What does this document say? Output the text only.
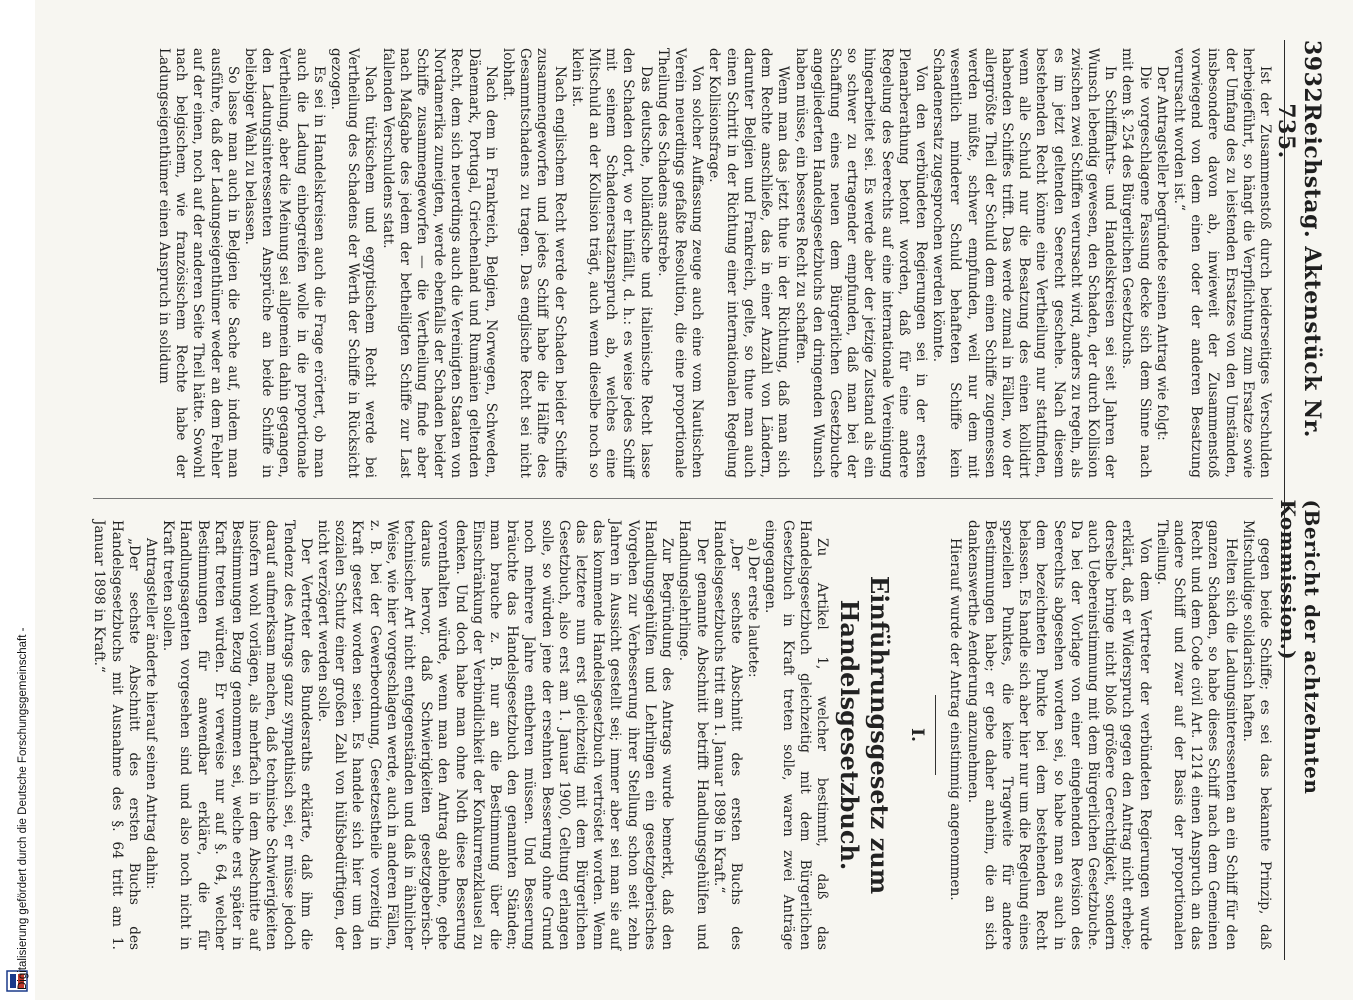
Digitalisierung gefördert durch die Deutsche Forschungsgemeinschaft -
3932
Reichstag. Aktenstück Nr. 735.
(Bericht der achtzehnten Kommission.)

Ist der Zusammenstoß durch beiderseitiges Verschulden herbeigeführt, so hängt die Verpflichtung zum Ersatze sowie der Umfang des zu leistenden Ersatzes von den Umständen, insbesondere davon ab, inwieweit der Zusammenstoß vorwiegend von dem einen oder der anderen Besatzung verursacht worden ist.“

Der Antragsteller begründete seinen Antrag wie folgt:

Die vorgeschlagene Fassung decke sich dem Sinne nach mit dem §. 254 des Bürgerlichen Gesetzbuchs.

In Schifffahrts- und Handelskreisen sei seit Jahren der Wunsch lebendig gewesen, den Schaden, der durch Kollision zwischen zwei Schiffen verursacht wird, anders zu regeln, als es im jetzt geltenden Seerecht geschehe. Nach diesem bestehenden Recht könne eine Vertheilung nur stattfinden, wenn alle Schuld nur die Besatzung des einen kollidirt habenden Schiffes trifft. Das werde zumal in Fällen, wo der allergrößte Theil der Schuld dem einen Schiffe zugemessen werden müßte, schwer empfunden, weil nur dem mit wesentlich minderer Schuld behafteten Schiffe kein Schadenersatz zugesprochen werden könnte.

Von den verbündeten Regierungen sei in der ersten Plenarberathung betont worden, daß für eine andere Regelung des Seerechts auf eine internationale Vereinigung hingearbeitet sei. Es werde aber der jetzige Zustand als ein so schwer zu ertragender empfunden, daß man bei der Schaffung eines neuen dem Bürgerlichen Gesetzbuche angegliederten Handelsgesetzbuchs den dringenden Wunsch haben müsse, ein besseres Recht zu schaffen.

Wenn man das jetzt thue in der Richtung, daß man sich dem Rechte anschließe, das in einer Anzahl von Ländern, darunter Belgien und Frankreich, gelte, so thue man auch einen Schritt in der Richtung einer internationalen Regelung der Kollisionsfrage.

Von solcher Auffassung zeuge auch eine vom Nautischen Verein neuerdings gefaßte Resolution, die eine proportionale Theilung des Schadens anstrebe.

Das deutsche, holländische und italienische Recht lasse den Schaden dort, wo er hinfällt, d. h.: es weise jedes Schiff mit seinem Schadenersatzanspruch ab, welches eine Mitschuld an der Kollision trägt, auch wenn dieselbe noch so klein ist.

Nach englischem Recht werde der Schaden beider Schiffe zusammengeworfen und jedes Schiff habe die Hälfte des Gesammtschadens zu tragen. Das englische Recht sei nicht lobhaft.

Nach dem in Frankreich, Belgien, Norwegen, Schweden, Dänemark, Portugal, Griechenland und Rumänien geltenden Recht, dem sich neuerdings auch die Vereinigten Staaten von Nordamerika zuneigten, werde ebenfalls der Schaden beider Schiffe zusammengeworfen — die Vertheilung finde aber nach Maßgabe des jedem der betheiligten Schiffe zur Last fallenden Verschuldens statt.

Nach türkischem und egyptischem Recht werde bei Vertheilung des Schadens der Werth der Schiffe in Rücksicht gezogen.

Es sei in Handelskreisen auch die Frage erörtert, ob man auch die Ladung einbegreifen wolle in die proportionale Vertheilung, aber die Meinung sei allgemein dahin gegangen, den Ladungsinteressenten Ansprüche an beide Schiffe in beliebiger Wahl zu belassen.

So lasse man auch in Belgien die Sache auf, indem man ausführe, daß der Ladungseigenthümer weder an dem Fehler auf der einen, noch auf der anderen Seite Theil hätte. Sowohl nach belgischem, wie französischem Rechte habe der Ladungseigenthümer einen Anspruch in solidum

gegen beide Schiffe; es sei das bekannte Prinzip, daß Mitschuldige solidarisch haften.

Helten sich die Ladungsinteressenten an ein Schiff für den ganzen Schaden, so habe dieses Schiff nach dem Gemeinen Recht und dem Code civil Art. 1214 einen Anspruch an das andere Schiff und zwar auf der Basis der proportionalen Theilung.

Von dem Vertreter der verbündeten Regierungen wurde erklärt, daß er Widerspruch gegen den Antrag nicht erhebe; derselbe bringe nicht bloß größere Gerechtigkeit, sondern auch Uebereinstimmung mit dem Bürgerlichen Gesetzbuche. Da bei der Vorlage von einer eingehenden Revision des Seerechts abgesehen worden sei, so habe man es auch in dem bezeichneten Punkte bei dem bestehenden Recht belassen. Es handle sich aber hier nur um die Regelung eines speziellen Punktes, die keine Tragweite für andere Bestimmungen habe; er gebe daher anheim, die an sich dankenswerthe Aenderung anzunehmen.

Hierauf wurde der Antrag einstimmig angenommen.

I.
Einführungsgesetz zum Handelsgesetzbuch.

Zu Artikel 1, welcher bestimmt, daß das Handelsgesetzbuch gleichzeitig mit dem Bürgerlichen Gesetzbuch in Kraft treten solle, waren zwei Anträge eingegangen.

a) Der erste lautete:

„Der sechste Abschnitt des ersten Buchs des Handelsgesetzbuchs tritt am 1. Januar 1898 in Kraft.“

Der genannte Abschnitt betrifft Handlungsgehülfen und Handlungslehrlinge.

Zur Begründung des Antrags wurde bemerkt, daß den Handlungsgehülfen und Lehrlingen ein gesetzgeberisches Vorgehen zur Verbesserung ihrer Stellung schon seit zehn Jahren in Aussicht gestellt sei; immer aber sei man sie auf das kommende Handelsgesetzbuch vertröstet worden. Wenn das letztere nun erst gleichzeitig mit dem Bürgerlichen Gesetzbuch, also erst am 1. Januar 1900, Geltung erlangen solle, so würden jene der ersehnten Besserung ohne Grund noch mehrere Jahre entbehren müssen. Und Besserung bräuchte das Handelsgesetzbuch den genannten Ständen; man brauche z. B. nur an die Bestimmung über die Einschränkung der Verbindlichkeit der Konkurrenzklausel zu denken. Und doch habe man ohne Noth diese Besserung vorenthalten würde, wenn man den Antrag ablehne, gehe daraus hervor, daß Schwierigkeiten gesetzgeberisch-technischer Art nicht entgegenständen und daß in ähnlicher Weise, wie hier vorgeschlagen werde, auch in anderen Fällen, z. B. bei der Gewerbeordnung, Gesetzestheile vorzeitig in Kraft gesetzt worden seien. Es handele sich hier um den sozialen Schutz einer großen Zahl von hülfsbedürftigen, der nicht verzögert werden solle.

Der Vertreter des Bundesraths erklärte, daß ihm die Tendenz des Antrags ganz sympathisch sei, er müsse jedoch darauf aufmerksam machen, daß technische Schwierigkeiten insofern wohl vorlägen, als mehrfach in dem Abschnitte auf Bestimmungen Bezug genommen sei, welche erst später in Kraft treten würden. Er verweise nur auf §. 64, welcher Bestimmungen für anwendbar erkläre, die für Handlungsagenten vorgesehen sind und also noch nicht in Kraft treten sollen.

Antragsteller änderte hierauf seinen Antrag dahin:

„Der sechste Abschnitt des ersten Buchs des Handelsgesetzbuchs mit Ausnahme des §. 64 tritt am 1. Januar 1898 in Kraft.“
